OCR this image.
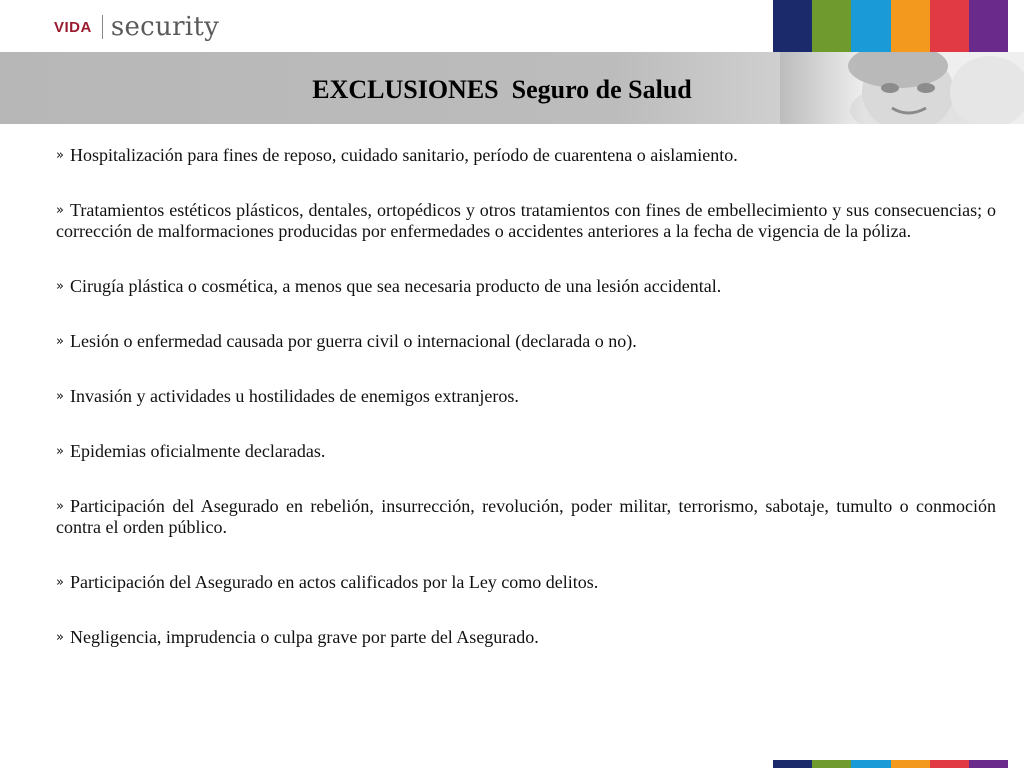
VIDA security
EXCLUSIONES  Seguro de Salud

» Hospitalización para fines de reposo, cuidado sanitario, período de cuarentena o aislamiento.

» Tratamientos estéticos plásticos, dentales, ortopédicos y otros tratamientos con fines de embellecimiento y sus consecuencias; o corrección de malformaciones producidas por enfermedades o accidentes anteriores a la fecha de vigencia de la póliza.

» Cirugía plástica o cosmética, a menos que sea necesaria producto de una lesión accidental.

» Lesión o enfermedad causada por guerra civil o internacional (declarada o no).

» Invasión y actividades u hostilidades de enemigos extranjeros.

» Epidemias oficialmente declaradas.

» Participación del Asegurado en rebelión, insurrección, revolución, poder militar, terrorismo, sabotaje, tumulto o conmoción contra el orden público.

» Participación del Asegurado en actos calificados por la Ley como delitos.

» Negligencia, imprudencia o culpa grave por parte del Asegurado.
